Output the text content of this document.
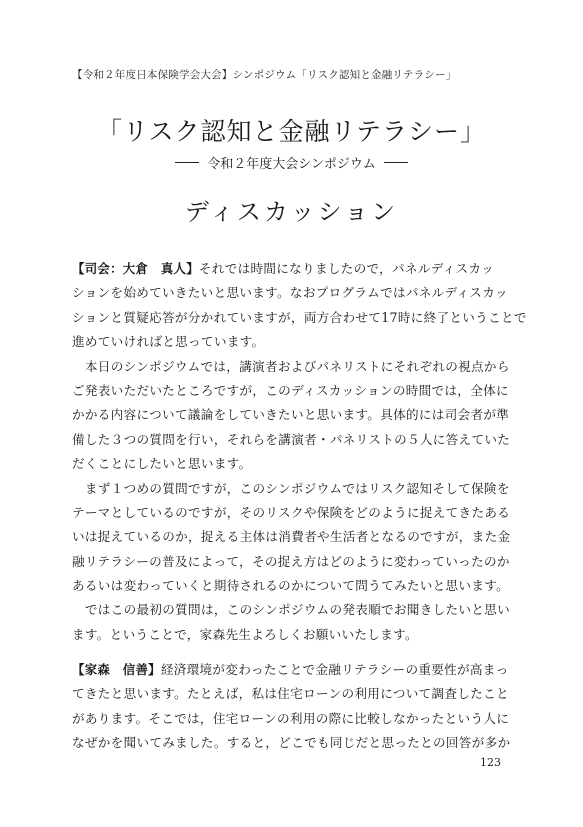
【令和２年度日本保険学会大会】シンポジウム「リスク認知と金融リテラシー」
「リスク認知と金融リテラシー」
令和２年度大会シンポジウム
ディスカッション
【司会：大倉　真人】それでは時間になりましたので，パネルディスカッ
ションを始めていきたいと思います。なおプログラムではパネルディスカッ
ションと質疑応答が分かれていますが，両方合わせて17時に終了ということで
進めていければと思っています。
　本日のシンポジウムでは，講演者およびパネリストにそれぞれの視点から
ご発表いただいたところですが，このディスカッションの時間では，全体に
かかる内容について議論をしていきたいと思います。具体的には司会者が準
備した３つの質問を行い，それらを講演者・パネリストの５人に答えていた
だくことにしたいと思います。
　まず１つめの質問ですが，このシンポジウムではリスク認知そして保険を
テーマとしているのですが，そのリスクや保険をどのように捉えてきたある
いは捉えているのか，捉える主体は消費者や生活者となるのですが，また金
融リテラシーの普及によって，その捉え方はどのように変わっていったのか
あるいは変わっていくと期待されるのかについて問うてみたいと思います。
　ではこの最初の質問は，このシンポジウムの発表順でお聞きしたいと思い
ます。ということで，家森先生よろしくお願いいたします。
【家森　信善】経済環境が変わったことで金融リテラシーの重要性が高まっ
てきたと思います。たとえば，私は住宅ローンの利用について調査したこと
があります。そこでは，住宅ローンの利用の際に比較しなかったという人に
なぜかを聞いてみました。すると，どこでも同じだと思ったとの回答が多か
123
